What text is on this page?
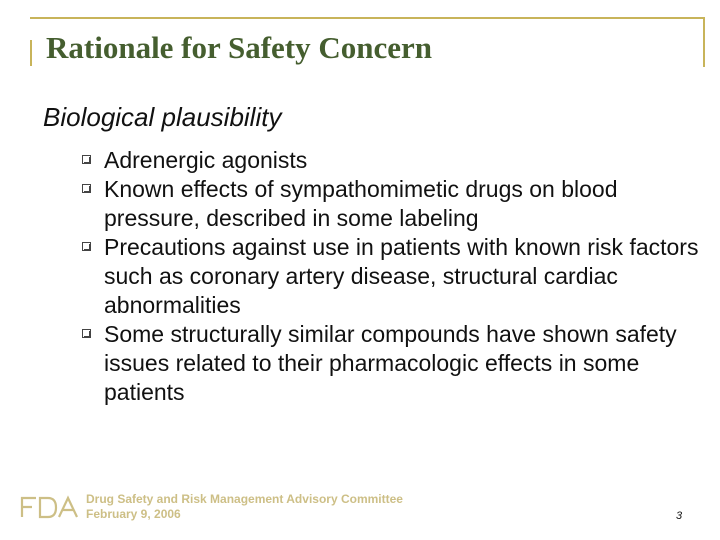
Rationale for Safety Concern
Biological plausibility
Adrenergic agonists
Known effects of sympathomimetic drugs on blood pressure, described in some labeling
Precautions against use in patients with known risk factors such as coronary artery disease, structural cardiac abnormalities
Some structurally similar compounds have shown safety issues related to their pharmacologic effects in some patients
Drug Safety and Risk Management Advisory Committee
February 9, 2006	3
